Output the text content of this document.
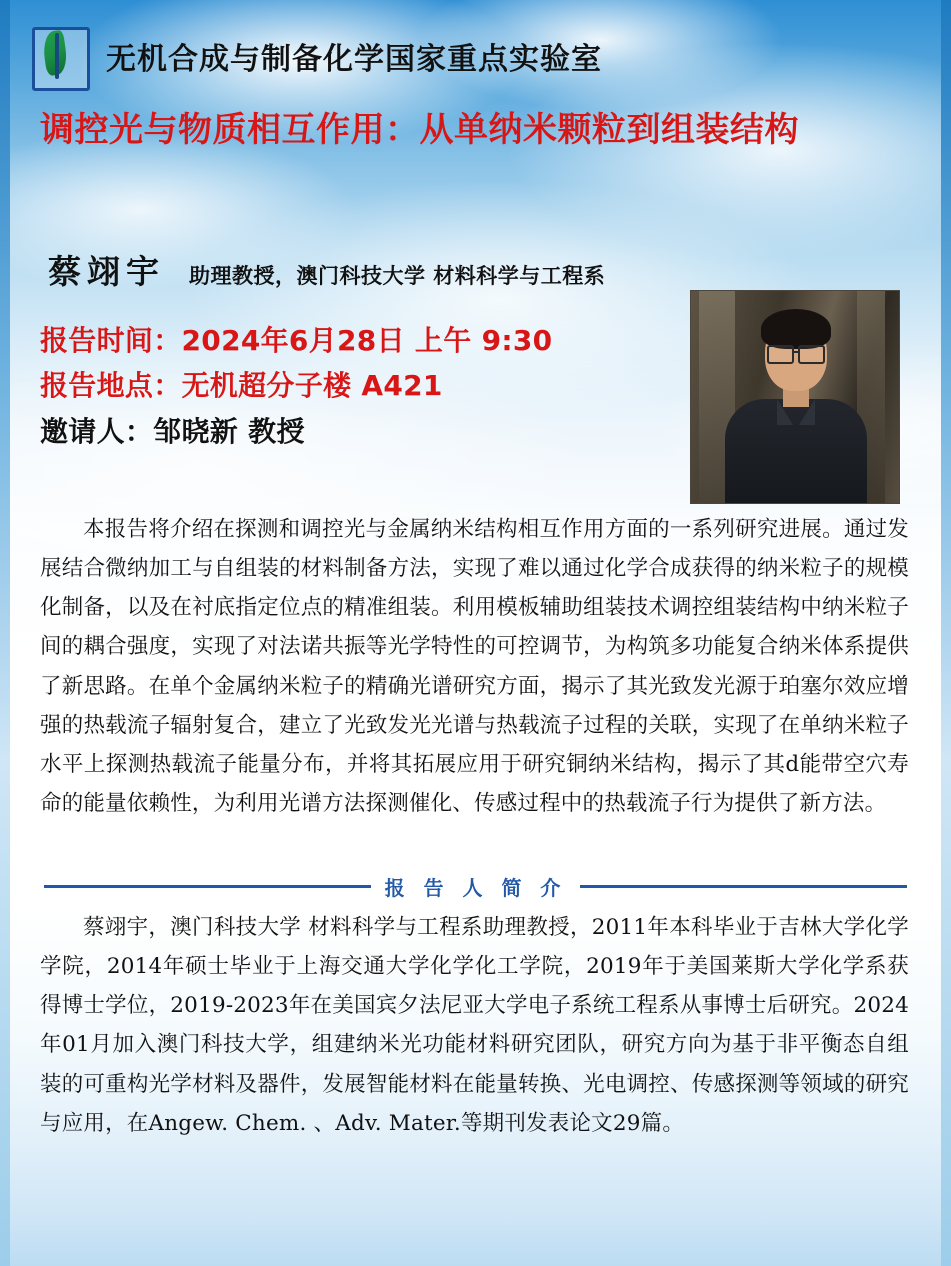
无机合成与制备化学国家重点实验室
调控光与物质相互作用：从单纳米颗粒到组装结构
蔡翊宇 助理教授，澳门科技大学 材料科学与工程系
报告时间：2024年6月28日 上午 9:30
报告地点：无机超分子楼 A421
邀请人：邹晓新 教授
本报告将介绍在探测和调控光与金属纳米结构相互作用方面的一系列研究进展。通过发展结合微纳加工与自组装的材料制备方法，实现了难以通过化学合成获得的纳米粒子的规模化制备，以及在衬底指定位点的精准组装。利用模板辅助组装技术调控组装结构中纳米粒子间的耦合强度，实现了对法诺共振等光学特性的可控调节，为构筑多功能复合纳米体系提供了新思路。在单个金属纳米粒子的精确光谱研究方面，揭示了其光致发光源于珀塞尔效应增强的热载流子辐射复合，建立了光致发光光谱与热载流子过程的关联，实现了在单纳米粒子水平上探测热载流子能量分布，并将其拓展应用于研究铜纳米结构，揭示了其d能带空穴寿命的能量依赖性，为利用光谱方法探测催化、传感过程中的热载流子行为提供了新方法。
报 告 人 简 介
蔡翊宇，澳门科技大学 材料科学与工程系助理教授，2011年本科毕业于吉林大学化学学院，2014年硕士毕业于上海交通大学化学化工学院，2019年于美国莱斯大学化学系获得博士学位，2019-2023年在美国宾夕法尼亚大学电子系统工程系从事博士后研究。2024年01月加入澳门科技大学，组建纳米光功能材料研究团队，研究方向为基于非平衡态自组装的可重构光学材料及器件，发展智能材料在能量转换、光电调控、传感探测等领域的研究与应用，在Angew. Chem. 、Adv. Mater.等期刊发表论文29篇。
